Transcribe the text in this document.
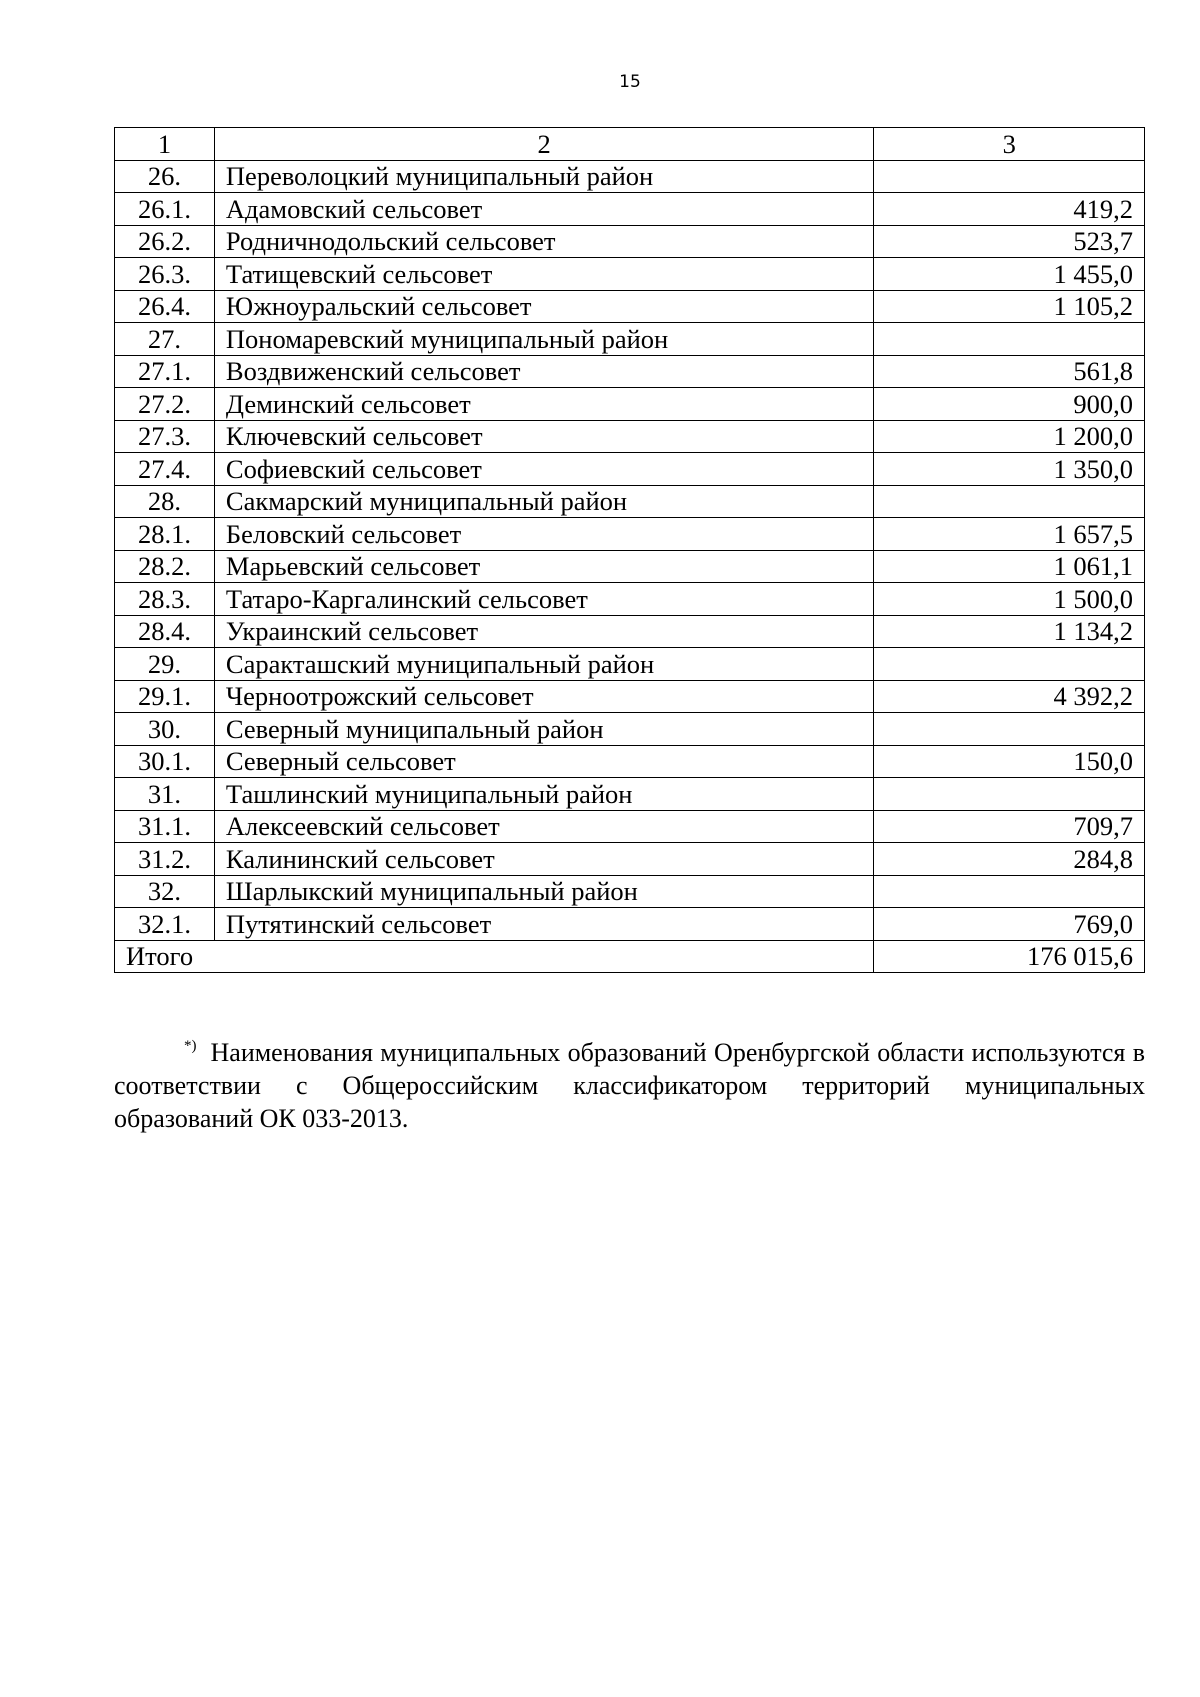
15
1	2	3
26.	Переволоцкий муниципальный район	
26.1.	Адамовский сельсовет	419,2
26.2.	Родничнодольский сельсовет	523,7
26.3.	Татищевский сельсовет	1 455,0
26.4.	Южноуральский сельсовет	1 105,2
27.	Пономаревский муниципальный район	
27.1.	Воздвиженский сельсовет	561,8
27.2.	Деминский сельсовет	900,0
27.3.	Ключевский сельсовет	1 200,0
27.4.	Софиевский сельсовет	1 350,0
28.	Сакмарский муниципальный район	
28.1.	Беловский сельсовет	1 657,5
28.2.	Марьевский сельсовет	1 061,1
28.3.	Татаро-Каргалинский сельсовет	1 500,0
28.4.	Украинский сельсовет	1 134,2
29.	Саракташский муниципальный район	
29.1.	Черноотрожский сельсовет	4 392,2
30.	Северный муниципальный район	
30.1.	Северный сельсовет	150,0
31.	Ташлинский муниципальный район	
31.1.	Алексеевский сельсовет	709,7
31.2.	Калининский сельсовет	284,8
32.	Шарлыкский муниципальный район	
32.1.	Путятинский сельсовет	769,0
Итого		176 015,6
*) Наименования муниципальных образований Оренбургской области используются в соответствии с Общероссийским классификатором территорий муниципальных образований ОК 033-2013.
